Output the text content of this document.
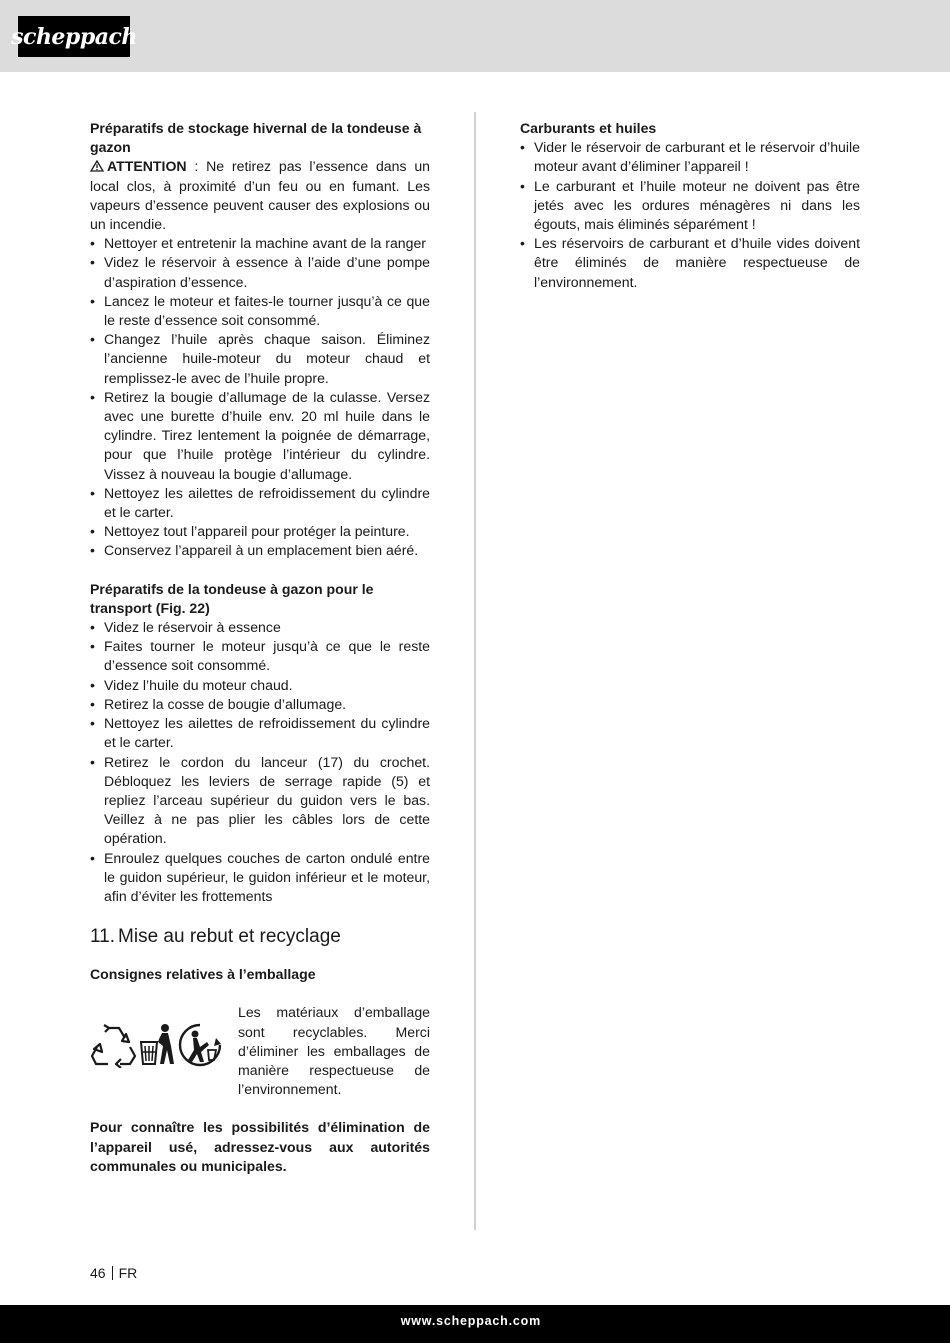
scheppach

Préparatifs de stockage hivernal de la tondeuse à gazon

ATTENTION : Ne retirez pas l’essence dans un local clos, à proximité d’un feu ou en fumant. Les vapeurs d’essence peuvent causer des explosions ou un incendie.

• Nettoyer et entretenir la machine avant de la ranger
• Videz le réservoir à essence à l’aide d’une pompe d’aspiration d’essence.
• Lancez le moteur et faites-le tourner jusqu’à ce que le reste d’essence soit consommé.
• Changez l’huile après chaque saison. Éliminez l’ancienne huile-moteur du moteur chaud et remplissez-le avec de l’huile propre.
• Retirez la bougie d’allumage de la culasse. Versez avec une burette d’huile env. 20 ml huile dans le cylindre. Tirez lentement la poignée de démarrage, pour que l’huile protège l’intérieur du cylindre. Vissez à nouveau la bougie d’allumage.
• Nettoyez les ailettes de refroidissement du cylindre et le carter.
• Nettoyez tout l’appareil pour protéger la peinture.
• Conservez l’appareil à un emplacement bien aéré.

Préparatifs de la tondeuse à gazon pour le transport (Fig. 22)

• Videz le réservoir à essence
• Faites tourner le moteur jusqu’à ce que le reste d’essence soit consommé.
• Videz l’huile du moteur chaud.
• Retirez la cosse de bougie d’allumage.
• Nettoyez les ailettes de refroidissement du cylindre et le carter.
• Retirez le cordon du lanceur (17) du crochet. Débloquez les leviers de serrage rapide (5) et repliez l’arceau supérieur du guidon vers le bas. Veillez à ne pas plier les câbles lors de cette opération.
• Enroulez quelques couches de carton ondulé entre le guidon supérieur, le guidon inférieur et le moteur, afin d’éviter les frottements
11. Mise au rebut et recyclage

Consignes relatives à l’emballage

Les matériaux d’emballage sont recyclables. Merci d’éliminer les emballages de manière respectueuse de l’environnement.

Pour connaître les possibilités d’élimination de l’appareil usé, adressez-vous aux autorités communales ou municipales.

Carburants et huiles

• Vider le réservoir de carburant et le réservoir d’huile moteur avant d’éliminer l’appareil !
• Le carburant et l’huile moteur ne doivent pas être jetés avec les ordures ménagères ni dans les égouts, mais éliminés séparément !
• Les réservoirs de carburant et d’huile vides doivent être éliminés de manière respectueuse de l’environnement.
46 FR
www.scheppach.com
